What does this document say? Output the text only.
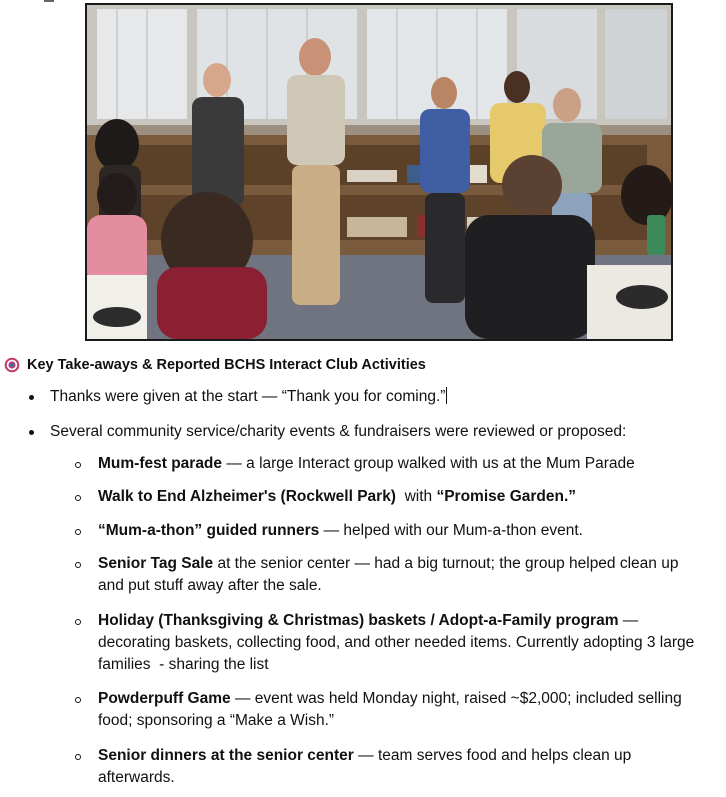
Key Take-aways & Reported BCHS Interact Club Activities
Thanks were given at the start — “Thank you for coming.”
Several community service/charity events & fundraisers were reviewed or proposed:
Mum-fest parade — a large Interact group walked with us at the Mum Parade
Walk to End Alzheimer's (Rockwell Park)  with “Promise Garden.”
“Mum-a-thon” guided runners — helped with our Mum-a-thon event.
Senior Tag Sale at the senior center — had a big turnout; the group helped clean up and put stuff away after the sale.
Holiday (Thanksgiving & Christmas) baskets / Adopt-a-Family program — decorating baskets, collecting food, and other needed items. Currently adopting 3 large families  - sharing the list
Powderpuff Game — event was held Monday night, raised ~$2,000; included selling food; sponsoring a “Make a Wish.”
Senior dinners at the senior center — team serves food and helps clean up afterwards.
